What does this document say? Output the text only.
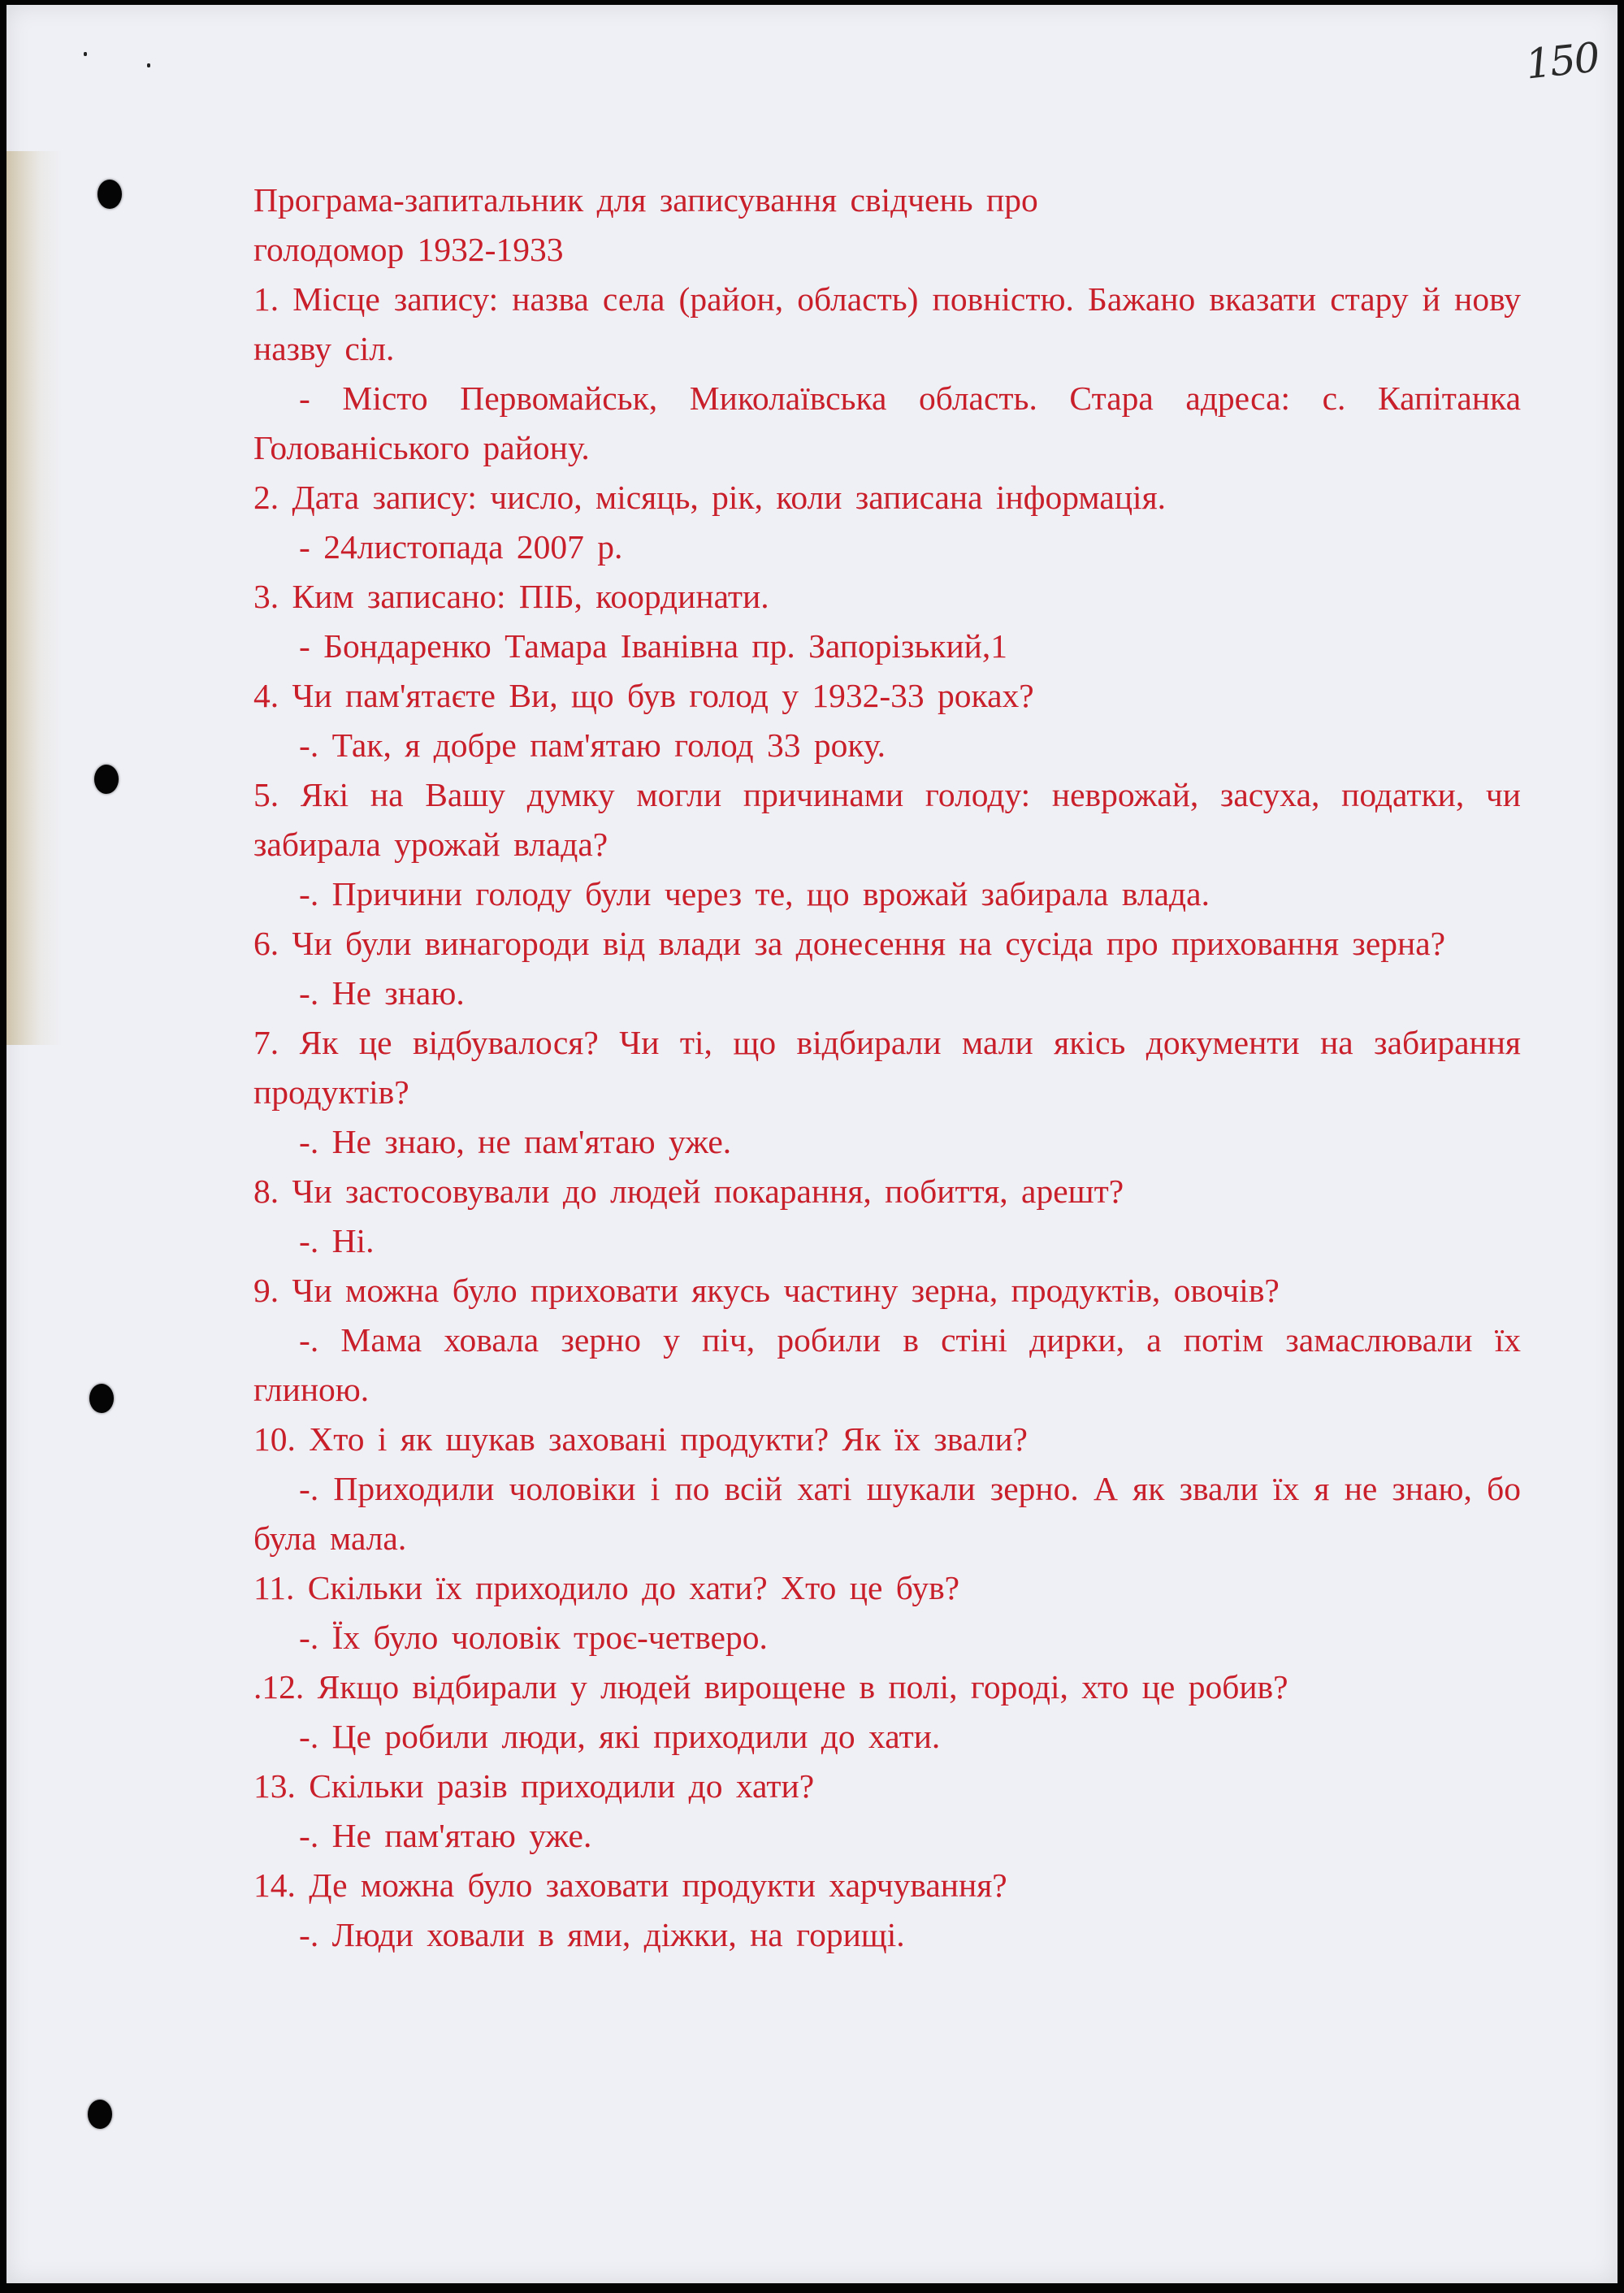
150

Програма-запитальник для записування свідчень про

голодомор 1932-1933

1. Місце запису: назва села (район, область) повністю. Бажано вказати стару й нову назву сіл.

- Місто Первомайськ, Миколаївська область. Стара адреса: с. Капітанка Голованіського району.

2. Дата запису: число, місяць, рік, коли записана інформація.

- 24листопада 2007 р.

3. Ким записано: ПІБ, координати.

- Бондаренко Тамара Іванівна пр. Запорізький,1

4. Чи пам'ятаєте Ви, що був голод у 1932-33 роках?

-. Так, я добре пам'ятаю голод 33 року.

5. Які на Вашу думку могли причинами голоду: неврожай, засуха, податки, чи забирала урожай влада?

-. Причини голоду були через те, що врожай забирала влада.

6. Чи були винагороди від влади за донесення на сусіда про приховання зерна?

-. Не знаю.

7. Як це відбувалося? Чи ті, що відбирали мали якісь документи на забирання продуктів?

-. Не знаю, не пам'ятаю уже.

8. Чи застосовували до людей покарання, побиття, арешт?

-. Ні.

9. Чи можна було приховати якусь частину зерна, продуктів, овочів?

-. Мама ховала зерно у піч, робили в стіні дирки, а потім замаслювали їх глиною.

10. Хто і як шукав заховані продукти? Як їх звали?

-. Приходили чоловіки і по всій хаті шукали зерно. А як звали їх я не знаю, бо була мала.

11. Скільки їх приходило до хати? Хто це був?

-. Їх було чоловік троє-четверо.

.12. Якщо відбирали у людей вирощене в полі, городі, хто це робив?

-. Це робили люди, які приходили до хати.

13. Скільки разів приходили до хати?

-. Не пам'ятаю уже.

14. Де можна було заховати продукти харчування?

-. Люди ховали в ями, діжки, на горищі.
